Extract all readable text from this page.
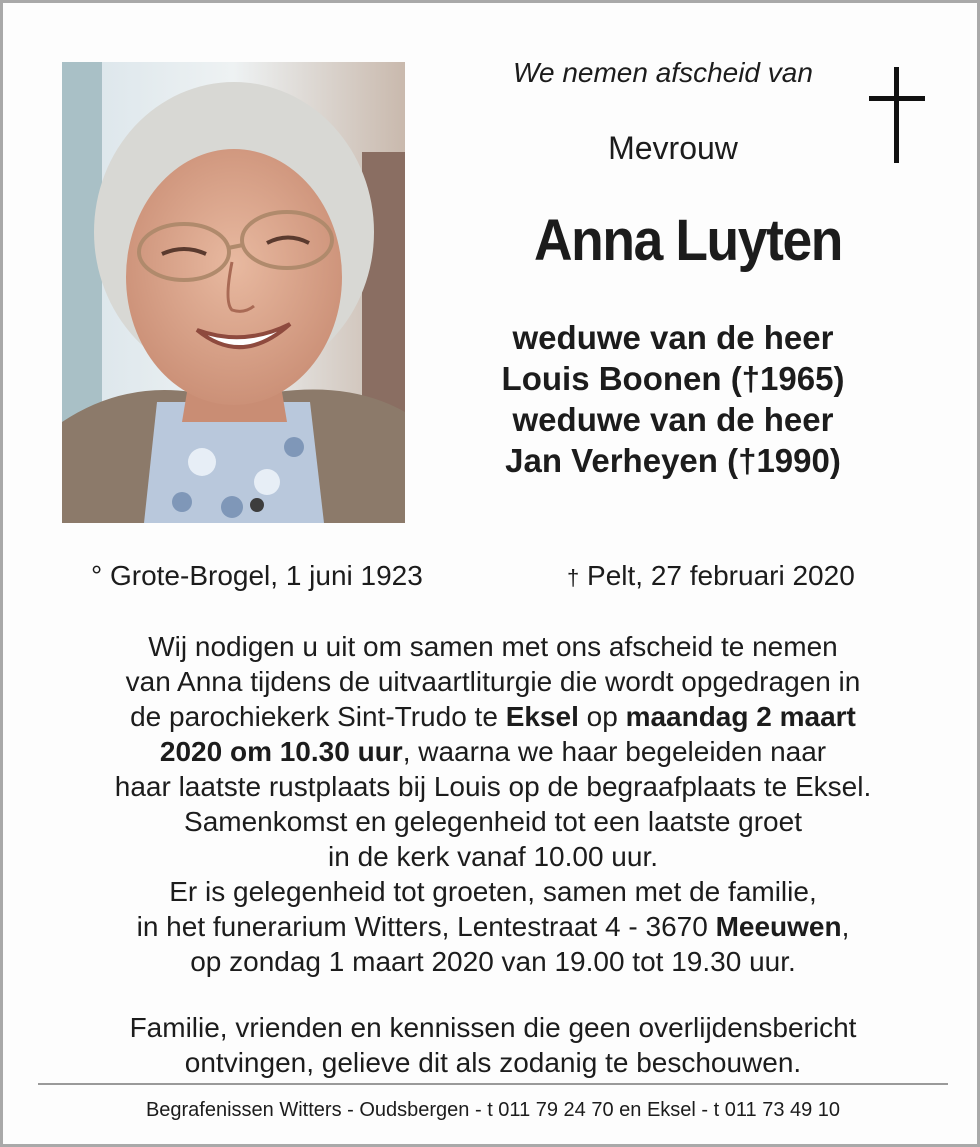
We nemen afscheid van
Mevrouw
Anna Luyten
weduwe van de heer
Louis Boonen (†1965)
weduwe van de heer
Jan Verheyen (†1990)
° Grote-Brogel, 1 juni 1923	† Pelt, 27 februari 2020
Wij nodigen u uit om samen met ons afscheid te nemen
van Anna tijdens de uitvaartliturgie die wordt opgedragen in
de parochiekerk Sint-Trudo te Eksel op maandag 2 maart
2020 om 10.30 uur, waarna we haar begeleiden naar
haar laatste rustplaats bij Louis op de begraafplaats te Eksel.
Samenkomst en gelegenheid tot een laatste groet
in de kerk vanaf 10.00 uur.
Er is gelegenheid tot groeten, samen met de familie,
in het funerarium Witters, Lentestraat 4 - 3670 Meeuwen,
op zondag 1 maart 2020 van 19.00 tot 19.30 uur.
Familie, vrienden en kennissen die geen overlijdensbericht
ontvingen, gelieve dit als zodanig te beschouwen.
Begrafenissen Witters - Oudsbergen - t 011 79 24 70 en Eksel - t 011 73 49 10
